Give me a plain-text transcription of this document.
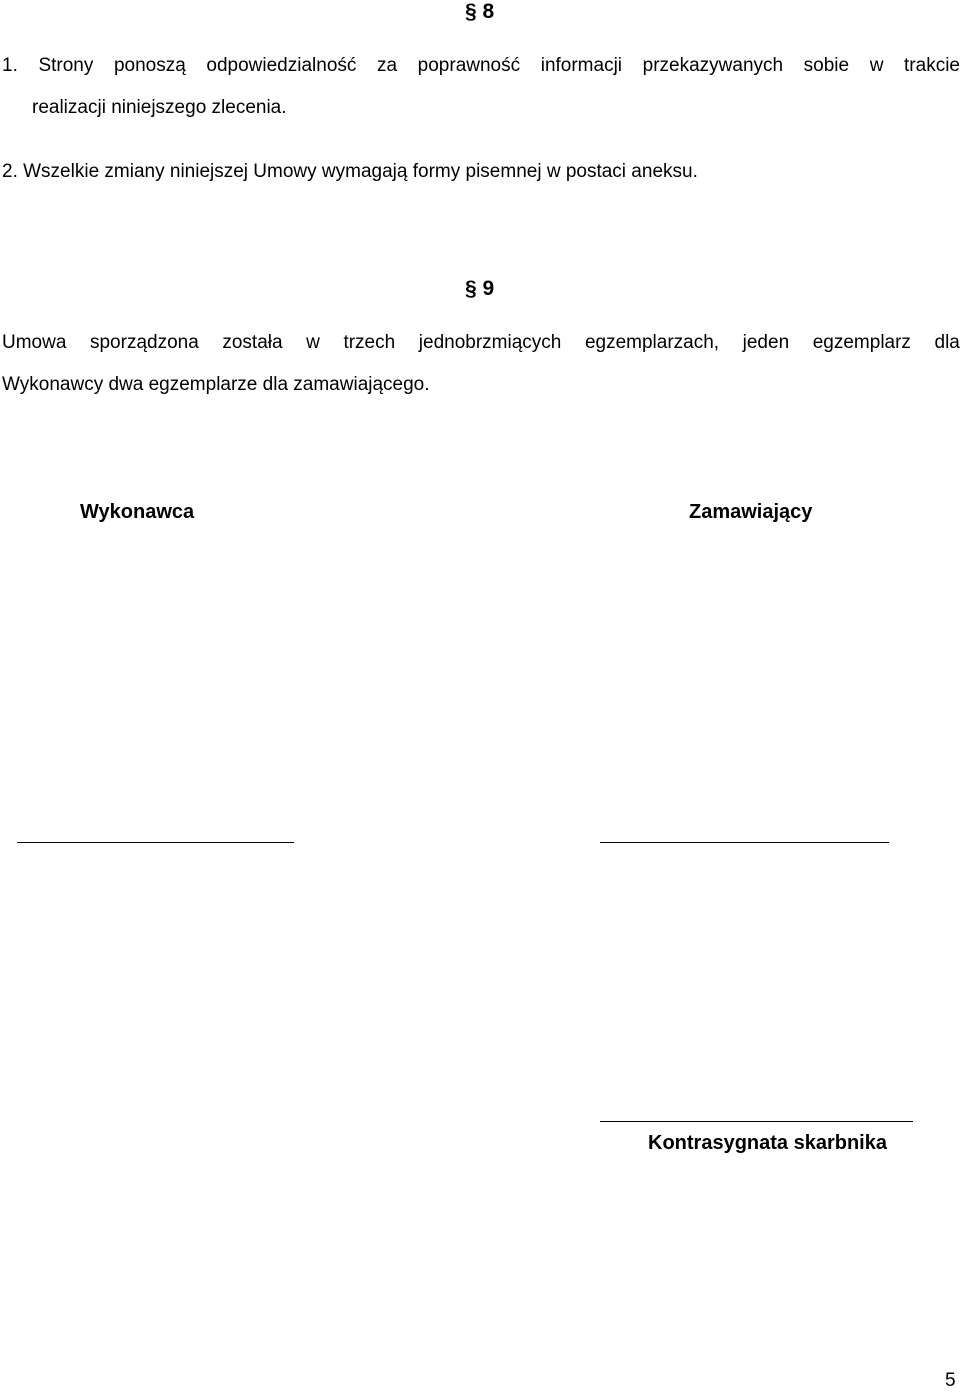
§ 8
1. Strony ponoszą odpowiedzialność za poprawność informacji przekazywanych sobie w trakcie
realizacji niniejszego zlecenia.
2. Wszelkie zmiany niniejszej Umowy wymagają formy pisemnej w postaci aneksu.
§ 9
Umowa sporządzona została w trzech jednobrzmiących egzemplarzach, jeden egzemplarz dla
Wykonawcy dwa egzemplarze dla zamawiającego.
Wykonawca	Zamawiający
Kontrasygnata skarbnika
5
